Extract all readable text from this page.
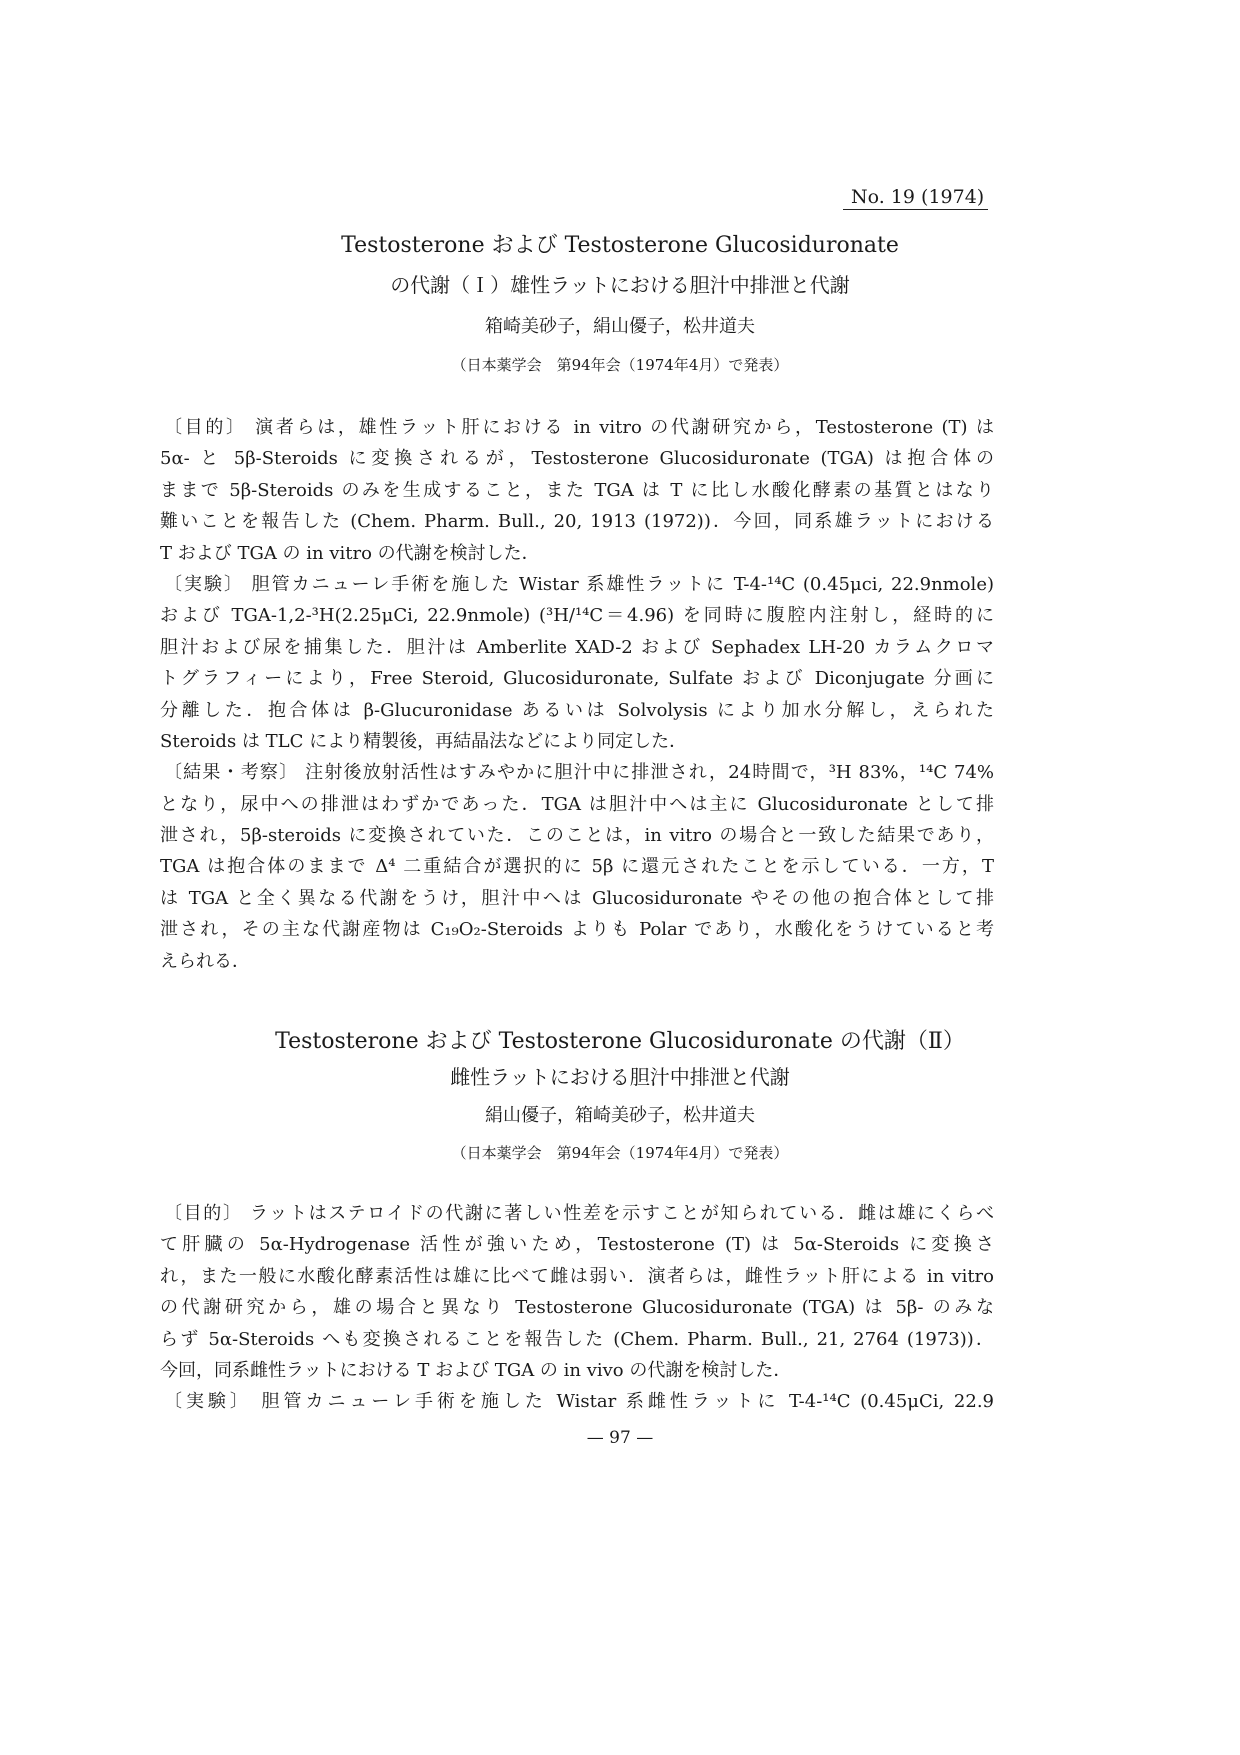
No. 19 (1974)
Testosterone および Testosterone Glucosiduronate
の代謝（Ｉ）雄性ラットにおける胆汁中排泄と代謝
箱崎美砂子，絹山優子，松井道夫
（日本薬学会　第94年会（1974年4月）で発表）
〔目的〕 演者らは，雄性ラット肝における in vitro の代謝研究から，Testosterone (T) は
5α- と 5β-Steroids に変換されるが，Testosterone Glucosiduronate (TGA) は抱合体の
ままで 5β-Steroids のみを生成すること，また TGA は T に比し水酸化酵素の基質とはなり
難いことを報告した (Chem. Pharm. Bull., 20, 1913 (1972))．今回，同系雄ラットにおける
T および TGA の in vitro の代謝を検討した．
〔実験〕 胆管カニューレ手術を施した Wistar 系雄性ラットに T-4-¹⁴C (0.45μci, 22.9nmole)
および TGA-1,2-³H(2.25μCi, 22.9nmole) (³H/¹⁴C＝4.96) を同時に腹腔内注射し，経時的に
胆汁および尿を捕集した．胆汁は Amberlite XAD-2 および Sephadex LH-20 カラムクロマ
トグラフィーにより，Free Steroid, Glucosiduronate, Sulfate および Diconjugate 分画に
分離した．抱合体は β-Glucuronidase あるいは Solvolysis により加水分解し，えられた
Steroids は TLC により精製後，再結晶法などにより同定した．
〔結果・考察〕 注射後放射活性はすみやかに胆汁中に排泄され，24時間で，³H 83%，¹⁴C 74%
となり，尿中への排泄はわずかであった．TGA は胆汁中へは主に Glucosiduronate として排
泄され，5β-steroids に変換されていた．このことは，in vitro の場合と一致した結果であり，
TGA は抱合体のままで Δ⁴ 二重結合が選択的に 5β に還元されたことを示している．一方，T
は TGA と全く異なる代謝をうけ，胆汁中へは Glucosiduronate やその他の抱合体として排
泄され，その主な代謝産物は C₁₉O₂-Steroids よりも Polar であり，水酸化をうけていると考
えられる．
Testosterone および Testosterone Glucosiduronate の代謝（Ⅱ）
雌性ラットにおける胆汁中排泄と代謝
絹山優子，箱崎美砂子，松井道夫
（日本薬学会　第94年会（1974年4月）で発表）
〔目的〕 ラットはステロイドの代謝に著しい性差を示すことが知られている．雌は雄にくらべ
て肝臓の 5α-Hydrogenase 活性が強いため，Testosterone (T) は 5α-Steroids に変換さ
れ，また一般に水酸化酵素活性は雄に比べて雌は弱い．演者らは，雌性ラット肝による in vitro
の代謝研究から，雄の場合と異なり Testosterone Glucosiduronate (TGA) は 5β- のみな
らず 5α-Steroids へも変換されることを報告した (Chem. Pharm. Bull., 21, 2764 (1973))．
今回，同系雌性ラットにおける T および TGA の in vivo の代謝を検討した．
〔実験〕 胆管カニューレ手術を施した Wistar 系雌性ラットに T-4-¹⁴C (0.45μCi, 22.9
— 97 —
